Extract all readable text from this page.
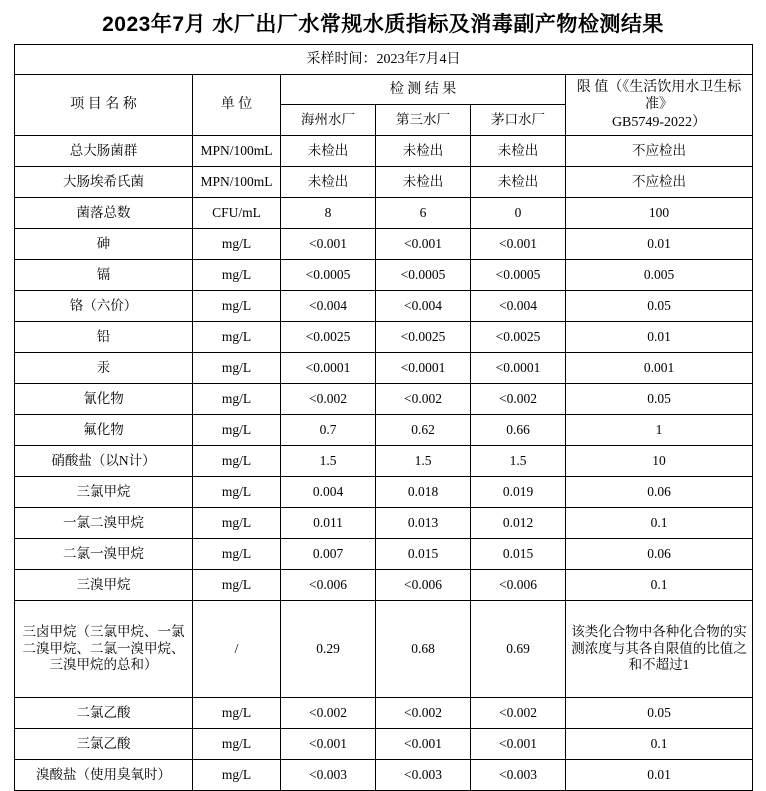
2023年7月 水厂出厂水常规水质指标及消毒副产物检测结果
采样时间：2023年7月4日					
项 目 名 称	单 位	检 测 结 果			限 值（《生活饮用水卫生标准》
GB5749-2022）
		海州水厂	第三水厂	茅口水厂	
总大肠菌群	MPN/100mL	未检出	未检出	未检出	不应检出
大肠埃希氏菌	MPN/100mL	未检出	未检出	未检出	不应检出
菌落总数	CFU/mL	8	6	0	100
砷	mg/L	<0.001	<0.001	<0.001	0.01
镉	mg/L	<0.0005	<0.0005	<0.0005	0.005
铬（六价）	mg/L	<0.004	<0.004	<0.004	0.05
铅	mg/L	<0.0025	<0.0025	<0.0025	0.01
汞	mg/L	<0.0001	<0.0001	<0.0001	0.001
氰化物	mg/L	<0.002	<0.002	<0.002	0.05
氟化物	mg/L	0.7	0.62	0.66	1
硝酸盐（以N计）	mg/L	1.5	1.5	1.5	10
三氯甲烷	mg/L	0.004	0.018	0.019	0.06
一氯二溴甲烷	mg/L	0.011	0.013	0.012	0.1
二氯一溴甲烷	mg/L	0.007	0.015	0.015	0.06
三溴甲烷	mg/L	<0.006	<0.006	<0.006	0.1
三卤甲烷（三氯甲烷、一氯二溴甲烷、二氯一溴甲烷、三溴甲烷的总和）	/	0.29	0.68	0.69	该类化合物中各种化合物的实测浓度与其各自限值的比值之和不超过1
二氯乙酸	mg/L	<0.002	<0.002	<0.002	0.05
三氯乙酸	mg/L	<0.001	<0.001	<0.001	0.1
溴酸盐（使用臭氧时）	mg/L	<0.003	<0.003	<0.003	0.01
